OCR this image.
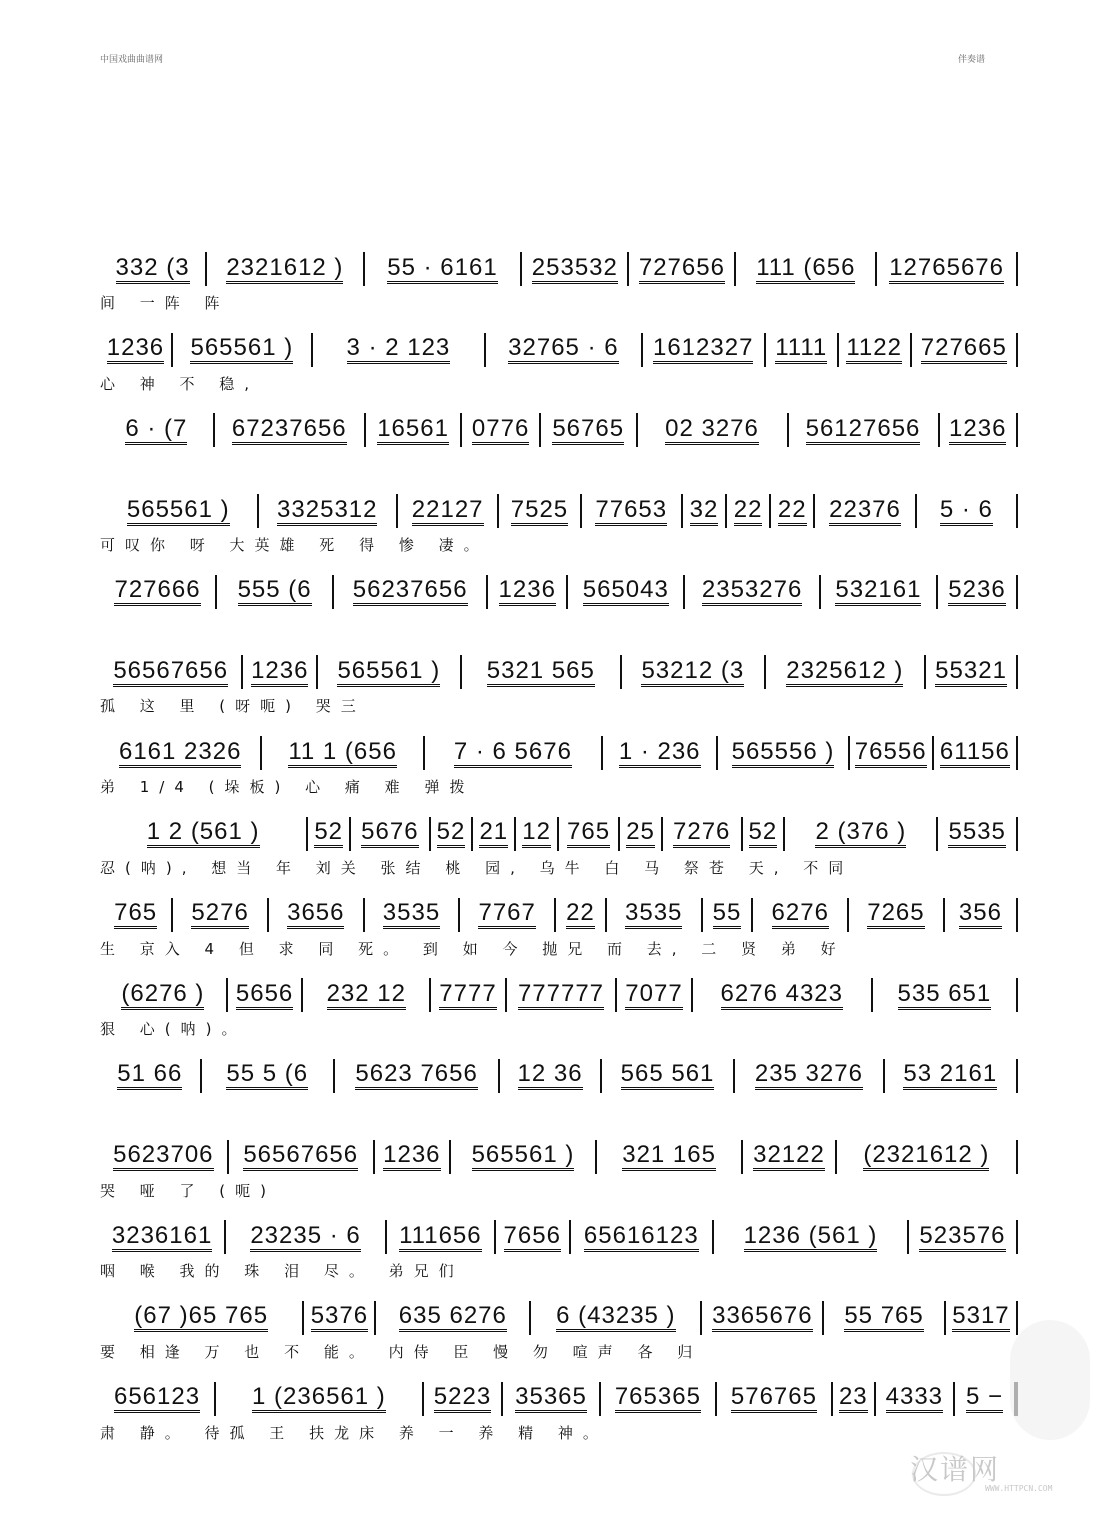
中国戏曲曲谱网	伴奏谱
332 (3 2321612 ) 55 · 6161 253532 727656 111 (656 12765676
间 一阵 阵
1236 565561 ) 3 · 2 123 32765 · 6 1612327 1111 1122 727665
心 神 不 稳,
6 · (7 67237656 16561 0776 56765 02 3276 56127656 1236
565561 ) 3325312 22127 7525 77653 32 22 22 22376 5 · 6
可叹你 呀 大英雄 死 得 惨 凄。
727666 555 (6 56237656 1236 565043 2353276 532161 5236
56567656 1236 565561 ) 5321 565 53212 (3 2325612 ) 55321
孤 这 里 (呀呃) 哭三
6161 2326 11 1 (656 7 · 6 5676 1 · 236 565556 ) 76556 61156
弟 1/4 (垛板) 心 痛 难 弹拨
1 2 (561 ) 52 5676 52 21 12 765 25 7276 52 2 (376 ) 5535
忍(呐), 想当 年 刘关 张结 桃 园, 乌牛 白 马 祭苍 天, 不同
765 5276 3656 3535 7767 22 3535 55 6276 7265 356
生 京入 4 但 求 同 死。 到 如 今 抛兄 而 去, 二 贤 弟 好
(6276 ) 5656 232 12 7777 777777 7077 6276 4323 535 651
狠 心(呐)。
51 66 55 5 (6 5623 7656 12 36 565 561 235 3276 53 2161
5623706 56567656 1236 565561 ) 321 165 32122 (2321612 )
哭 哑 了 (呃)
3236161 23235 · 6 111656 7656 65616123 1236 (561 ) 523576
咽 喉 我的 珠 泪 尽。 弟兄们
(67 )65 765 5376 635 6276 6 (43235 ) 3365676 55 765 5317
要 相逢 万 也 不 能。 内侍 臣 慢 勿 喧声 各 归
656123 1 (236561 ) 5223 35365 765365 576765 23 4333 5 −
肃 静。 待孤 王 扶龙床 养 一 养 精 神。
汉谱网
WWW.HTTPCN.COM
